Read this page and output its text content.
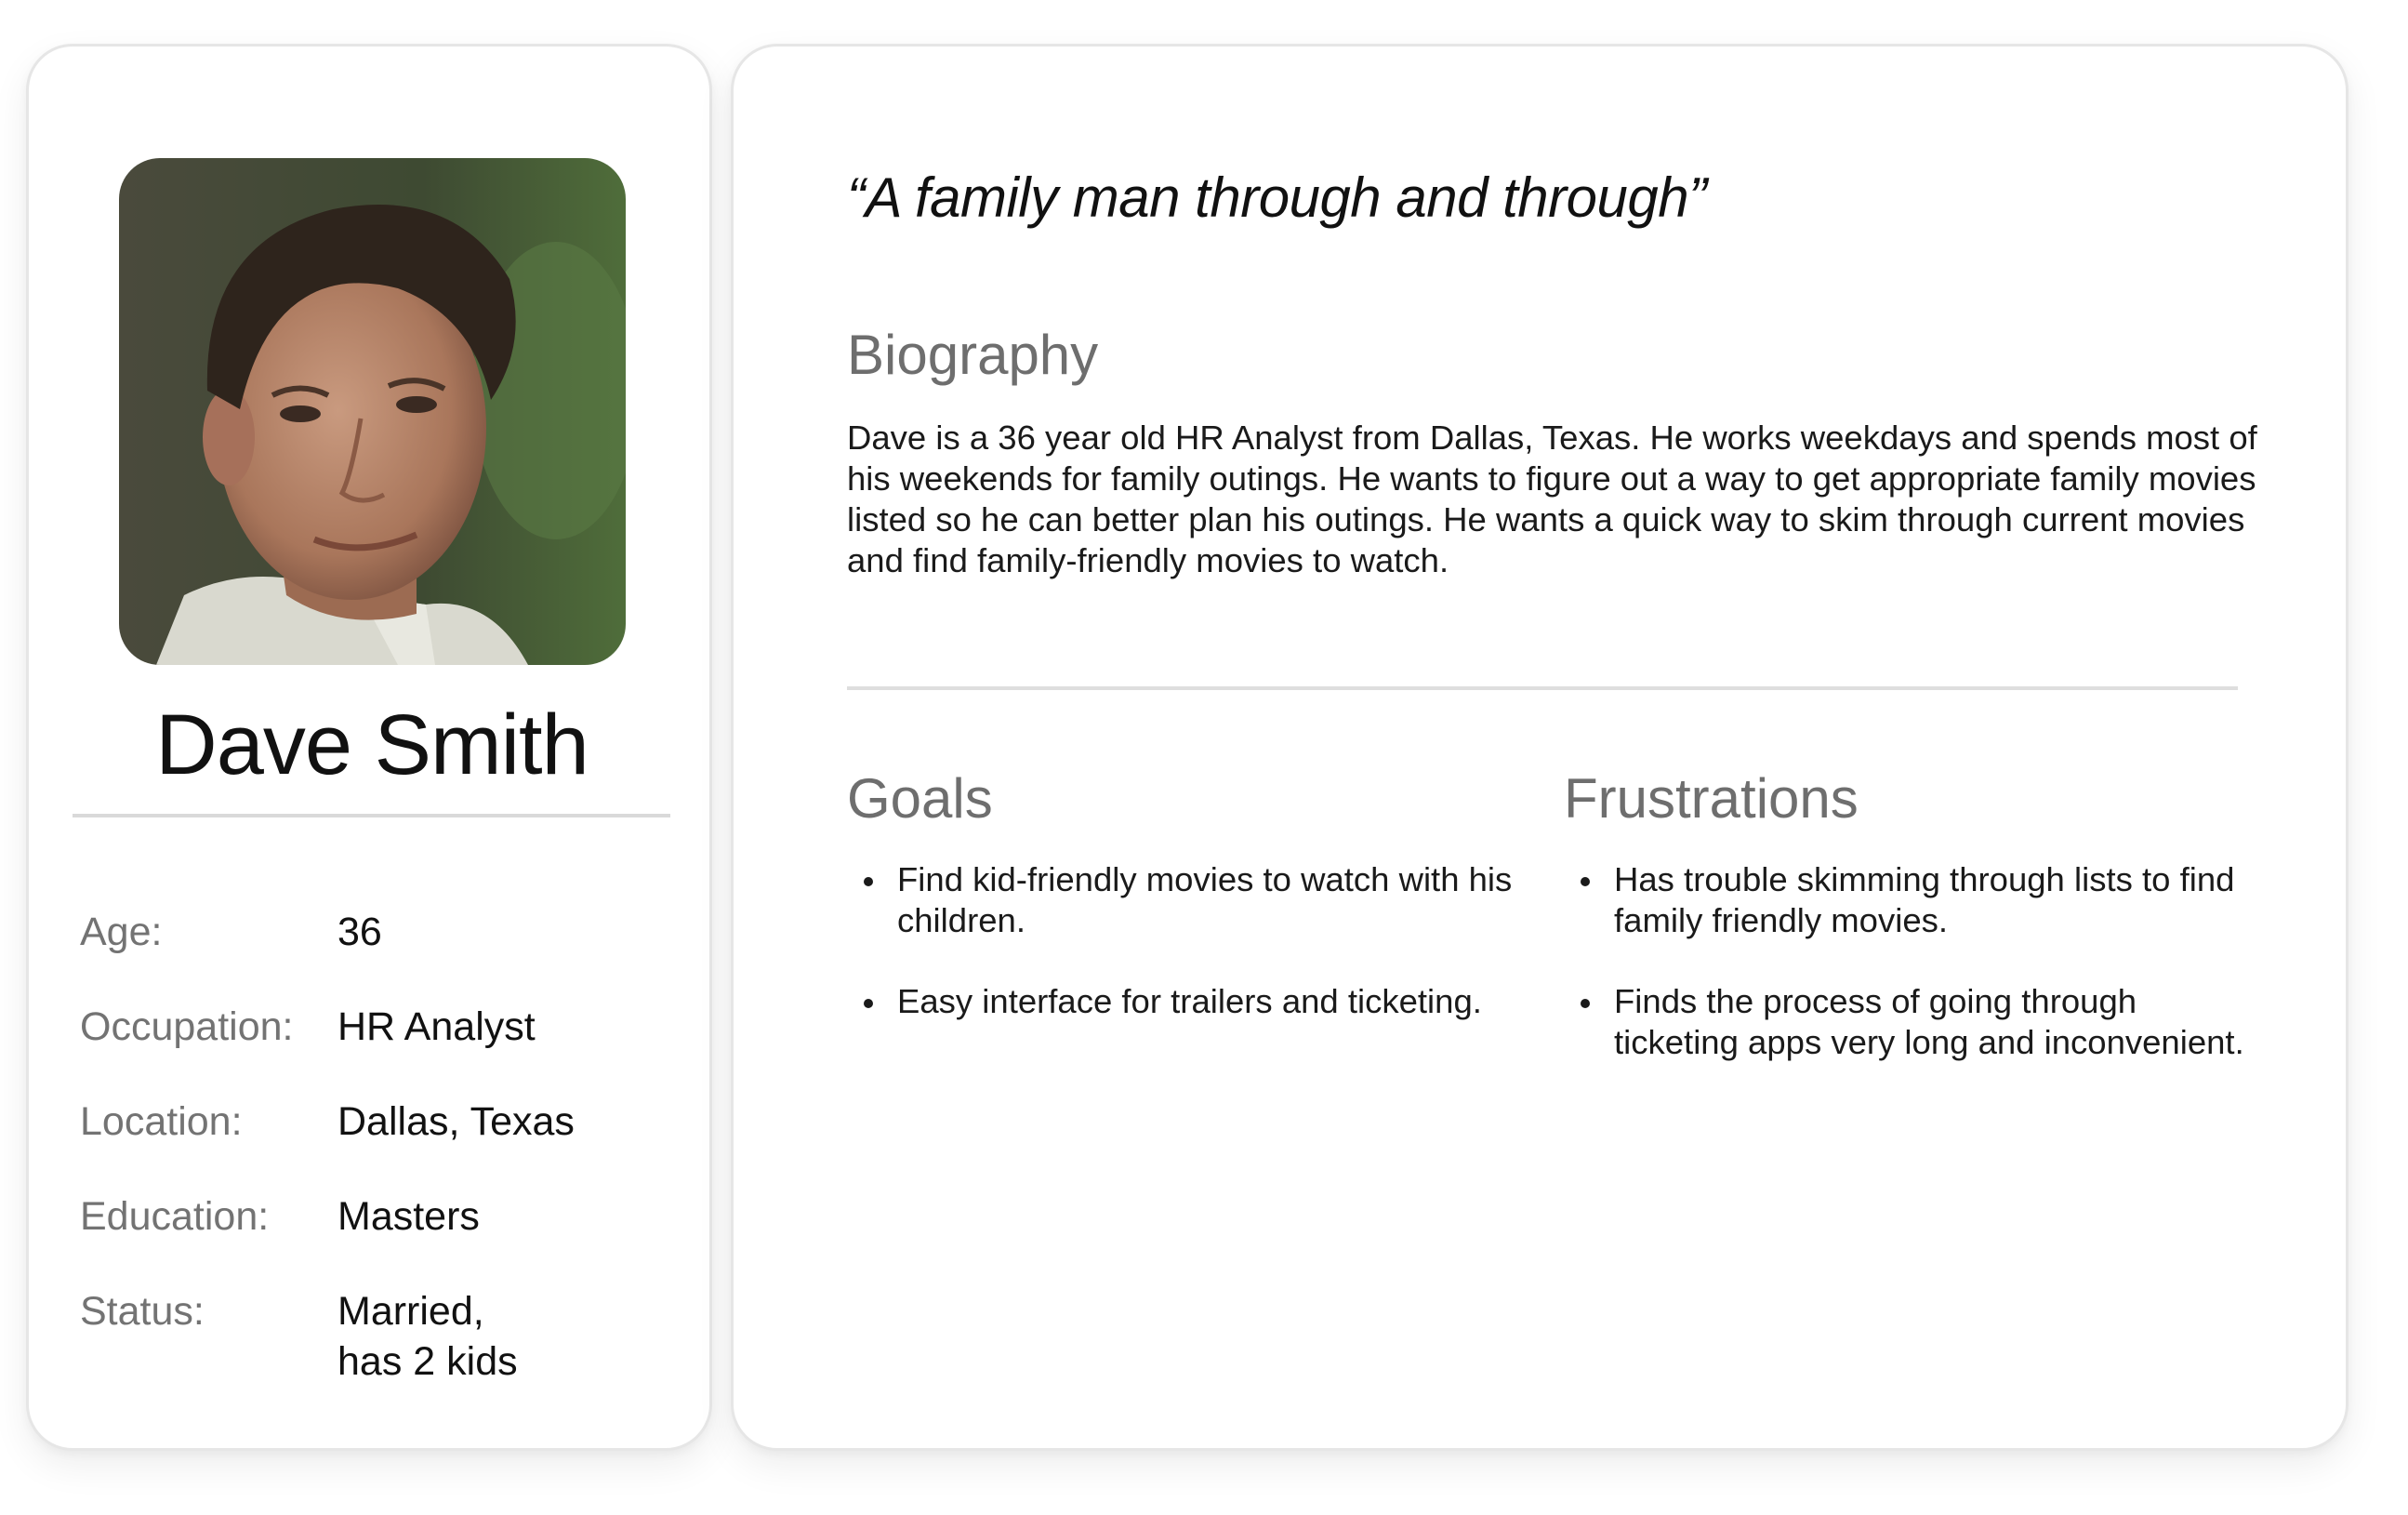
Dave Smith
Age:	36
Occupation: HR Analyst
Location: Dallas, Texas
Education: Masters
Status:	Married,
has 2 kids
“A family man through and through”
Biography
Dave is a 36 year old HR Analyst from Dallas, Texas. He works weekdays and spends most of his weekends for family outings. He wants to figure out a way to get appropriate family movies listed so he can better plan his outings. He wants a quick way to skim through current movies and find family-friendly movies to watch.
Goals
Find kid-friendly movies to watch with his children.
Easy interface for trailers and ticketing.
Frustrations
Has trouble skimming through lists to find family friendly movies.
Finds the process of going through ticketing apps very long and inconvenient.
